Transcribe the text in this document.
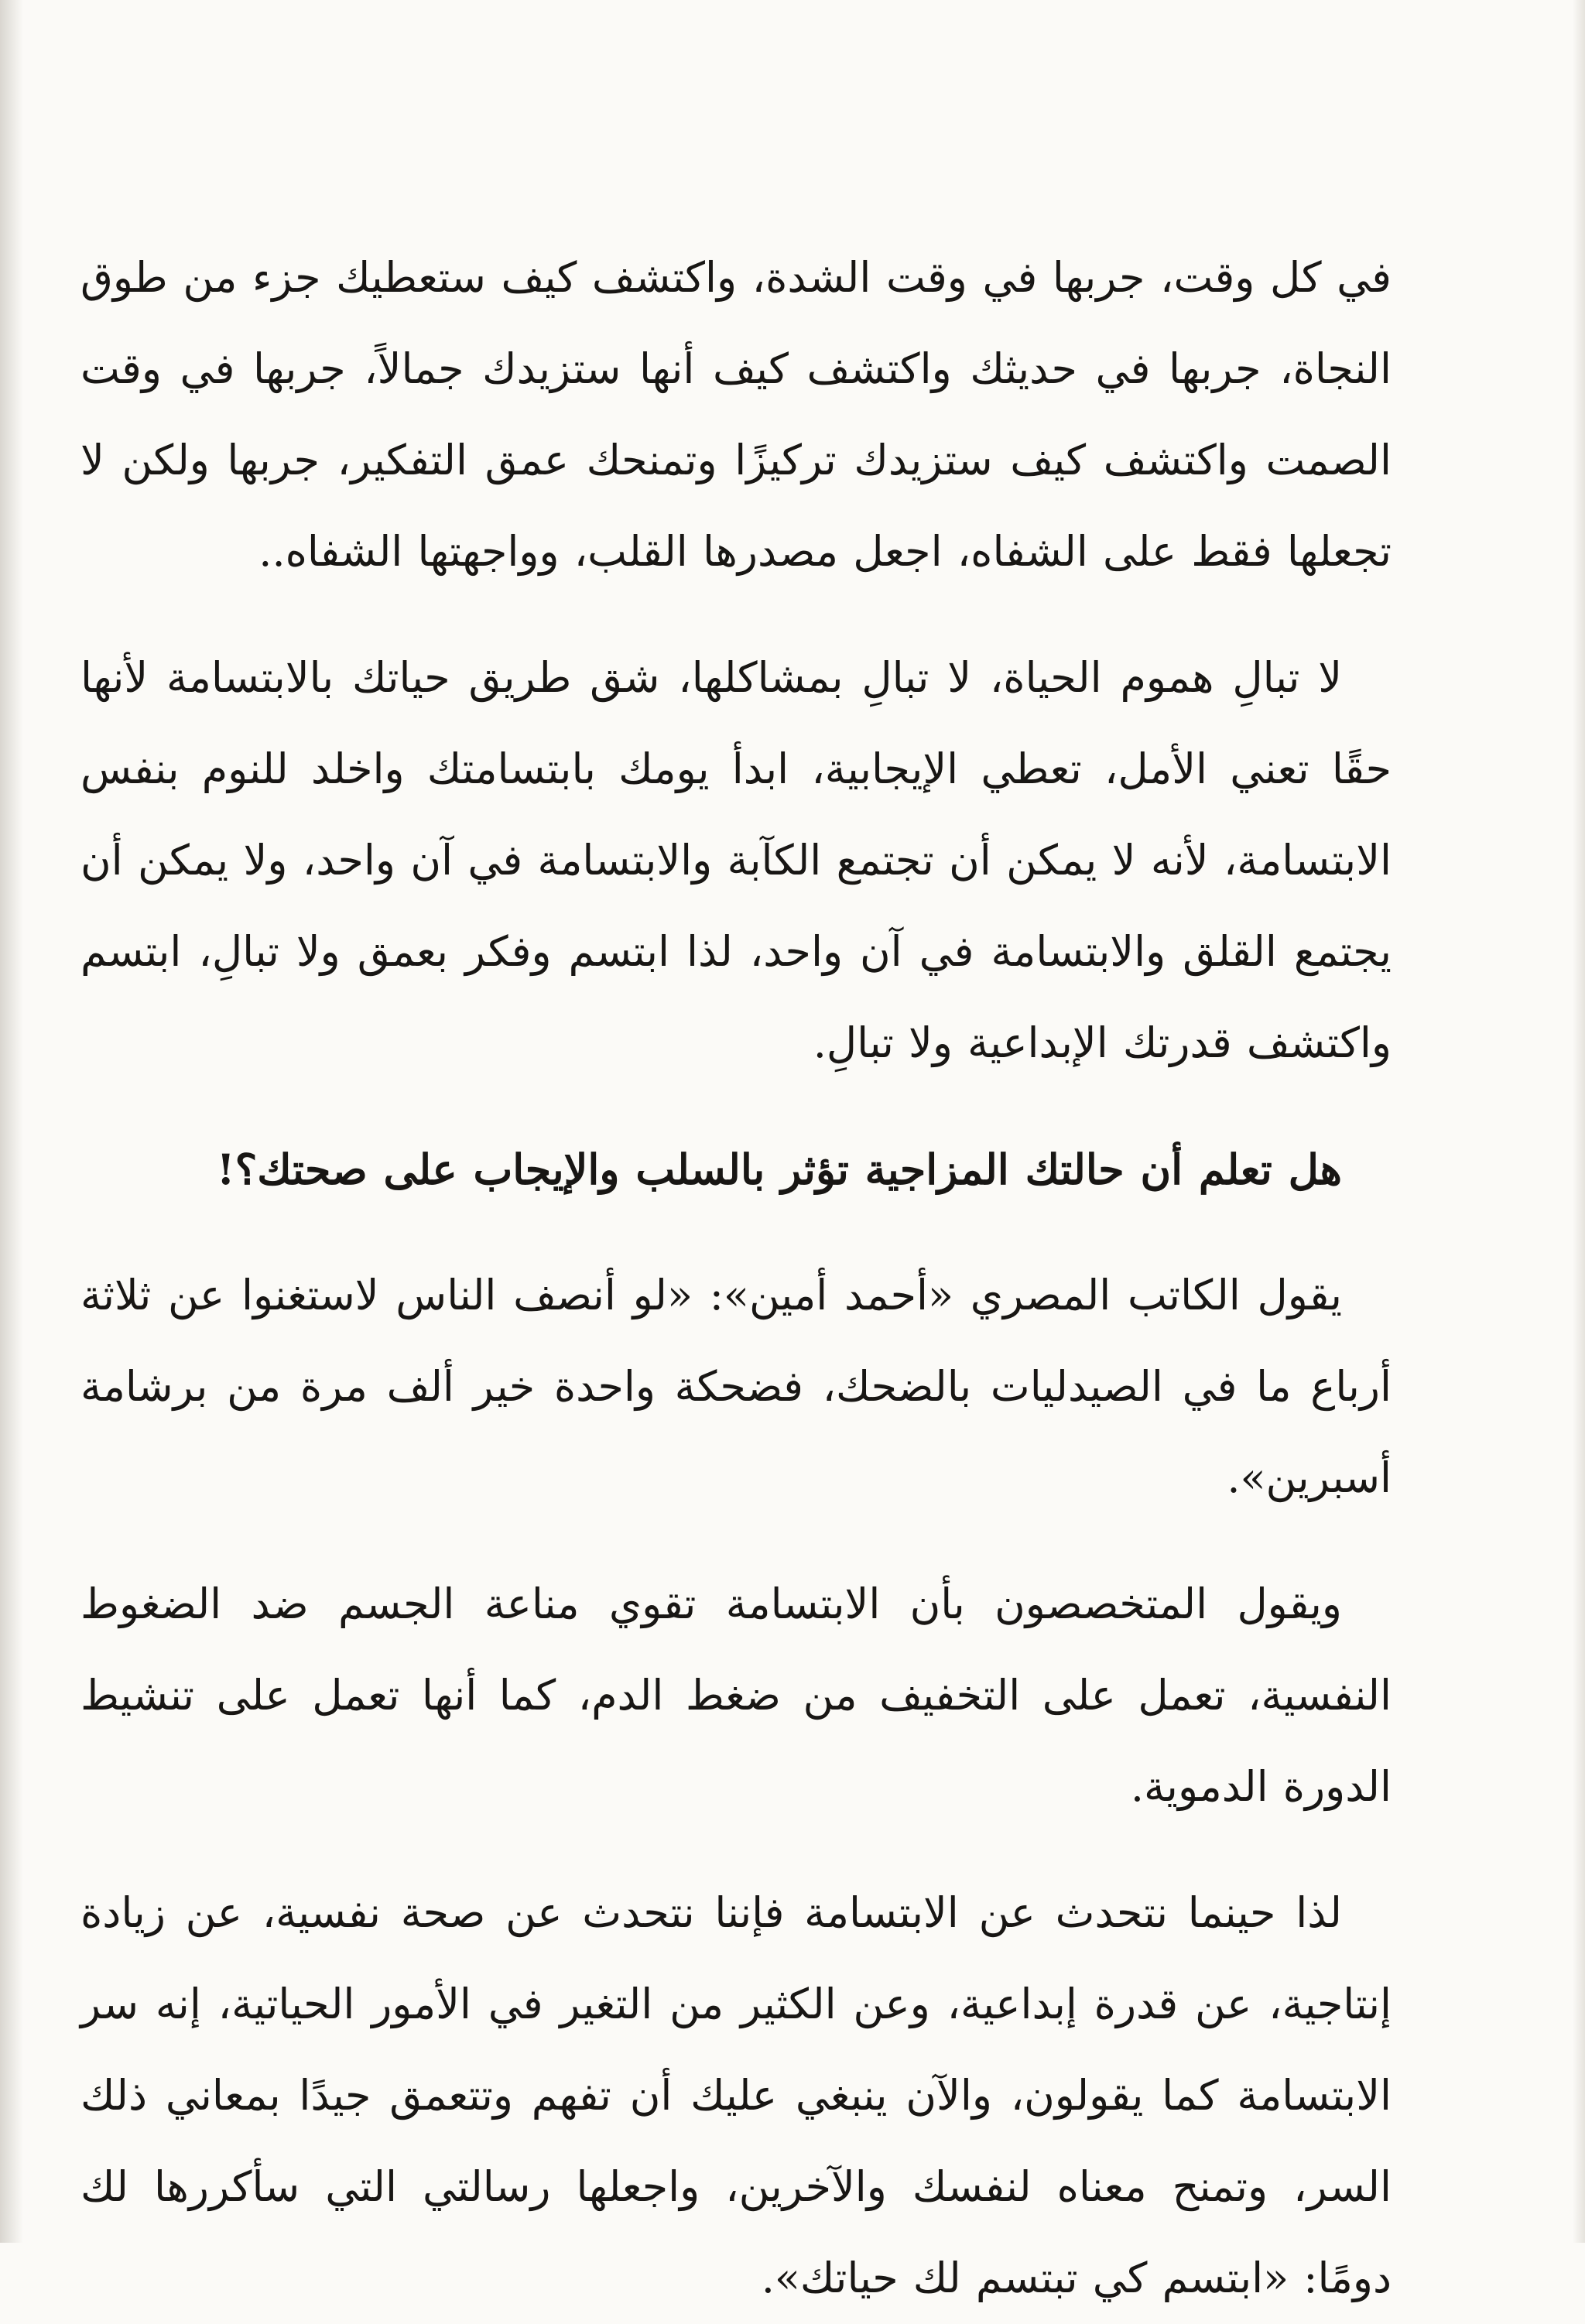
في كل وقت، جربها في وقت الشدة، واكتشف كيف ستعطيك جزء من طوق النجاة، جربها في حديثك واكتشف كيف أنها ستزيدك جمالاً، جربها في وقت الصمت واكتشف كيف ستزيدك تركيزًا وتمنحك عمق التفكير، جربها ولكن لا تجعلها فقط على الشفاه، اجعل مصدرها القلب، وواجهتها الشفاه..

لا تبالِ هموم الحياة، لا تبالِ بمشاكلها، شق طريق حياتك بالابتسامة لأنها حقًا تعني الأمل، تعطي الإيجابية، ابدأ يومك بابتسامتك واخلد للنوم بنفس الابتسامة، لأنه لا يمكن أن تجتمع الكآبة والابتسامة في آن واحد، ولا يمكن أن يجتمع القلق والابتسامة في آن واحد، لذا ابتسم وفكر بعمق ولا تبالِ، ابتسم واكتشف قدرتك الإبداعية ولا تبالِ.

هل تعلم أن حالتك المزاجية تؤثر بالسلب والإيجاب على صحتك؟!

يقول الكاتب المصري «أحمد أمين»: «لو أنصف الناس لاستغنوا عن ثلاثة أرباع ما في الصيدليات بالضحك، فضحكة واحدة خير ألف مرة من برشامة أسبرين».

ويقول المتخصصون بأن الابتسامة تقوي مناعة الجسم ضد الضغوط النفسية، تعمل على التخفيف من ضغط الدم، كما أنها تعمل على تنشيط الدورة الدموية.

لذا حينما نتحدث عن الابتسامة فإننا نتحدث عن صحة نفسية، عن زيادة إنتاجية، عن قدرة إبداعية، وعن الكثير من التغير في الأمور الحياتية، إنه سر الابتسامة كما يقولون، والآن ينبغي عليك أن تفهم وتتعمق جيدًا بمعاني ذلك السر، وتمنح معناه لنفسك والآخرين، واجعلها رسالتي التي سأكررها لك دومًا: «ابتسم كي تبتسم لك حياتك».
